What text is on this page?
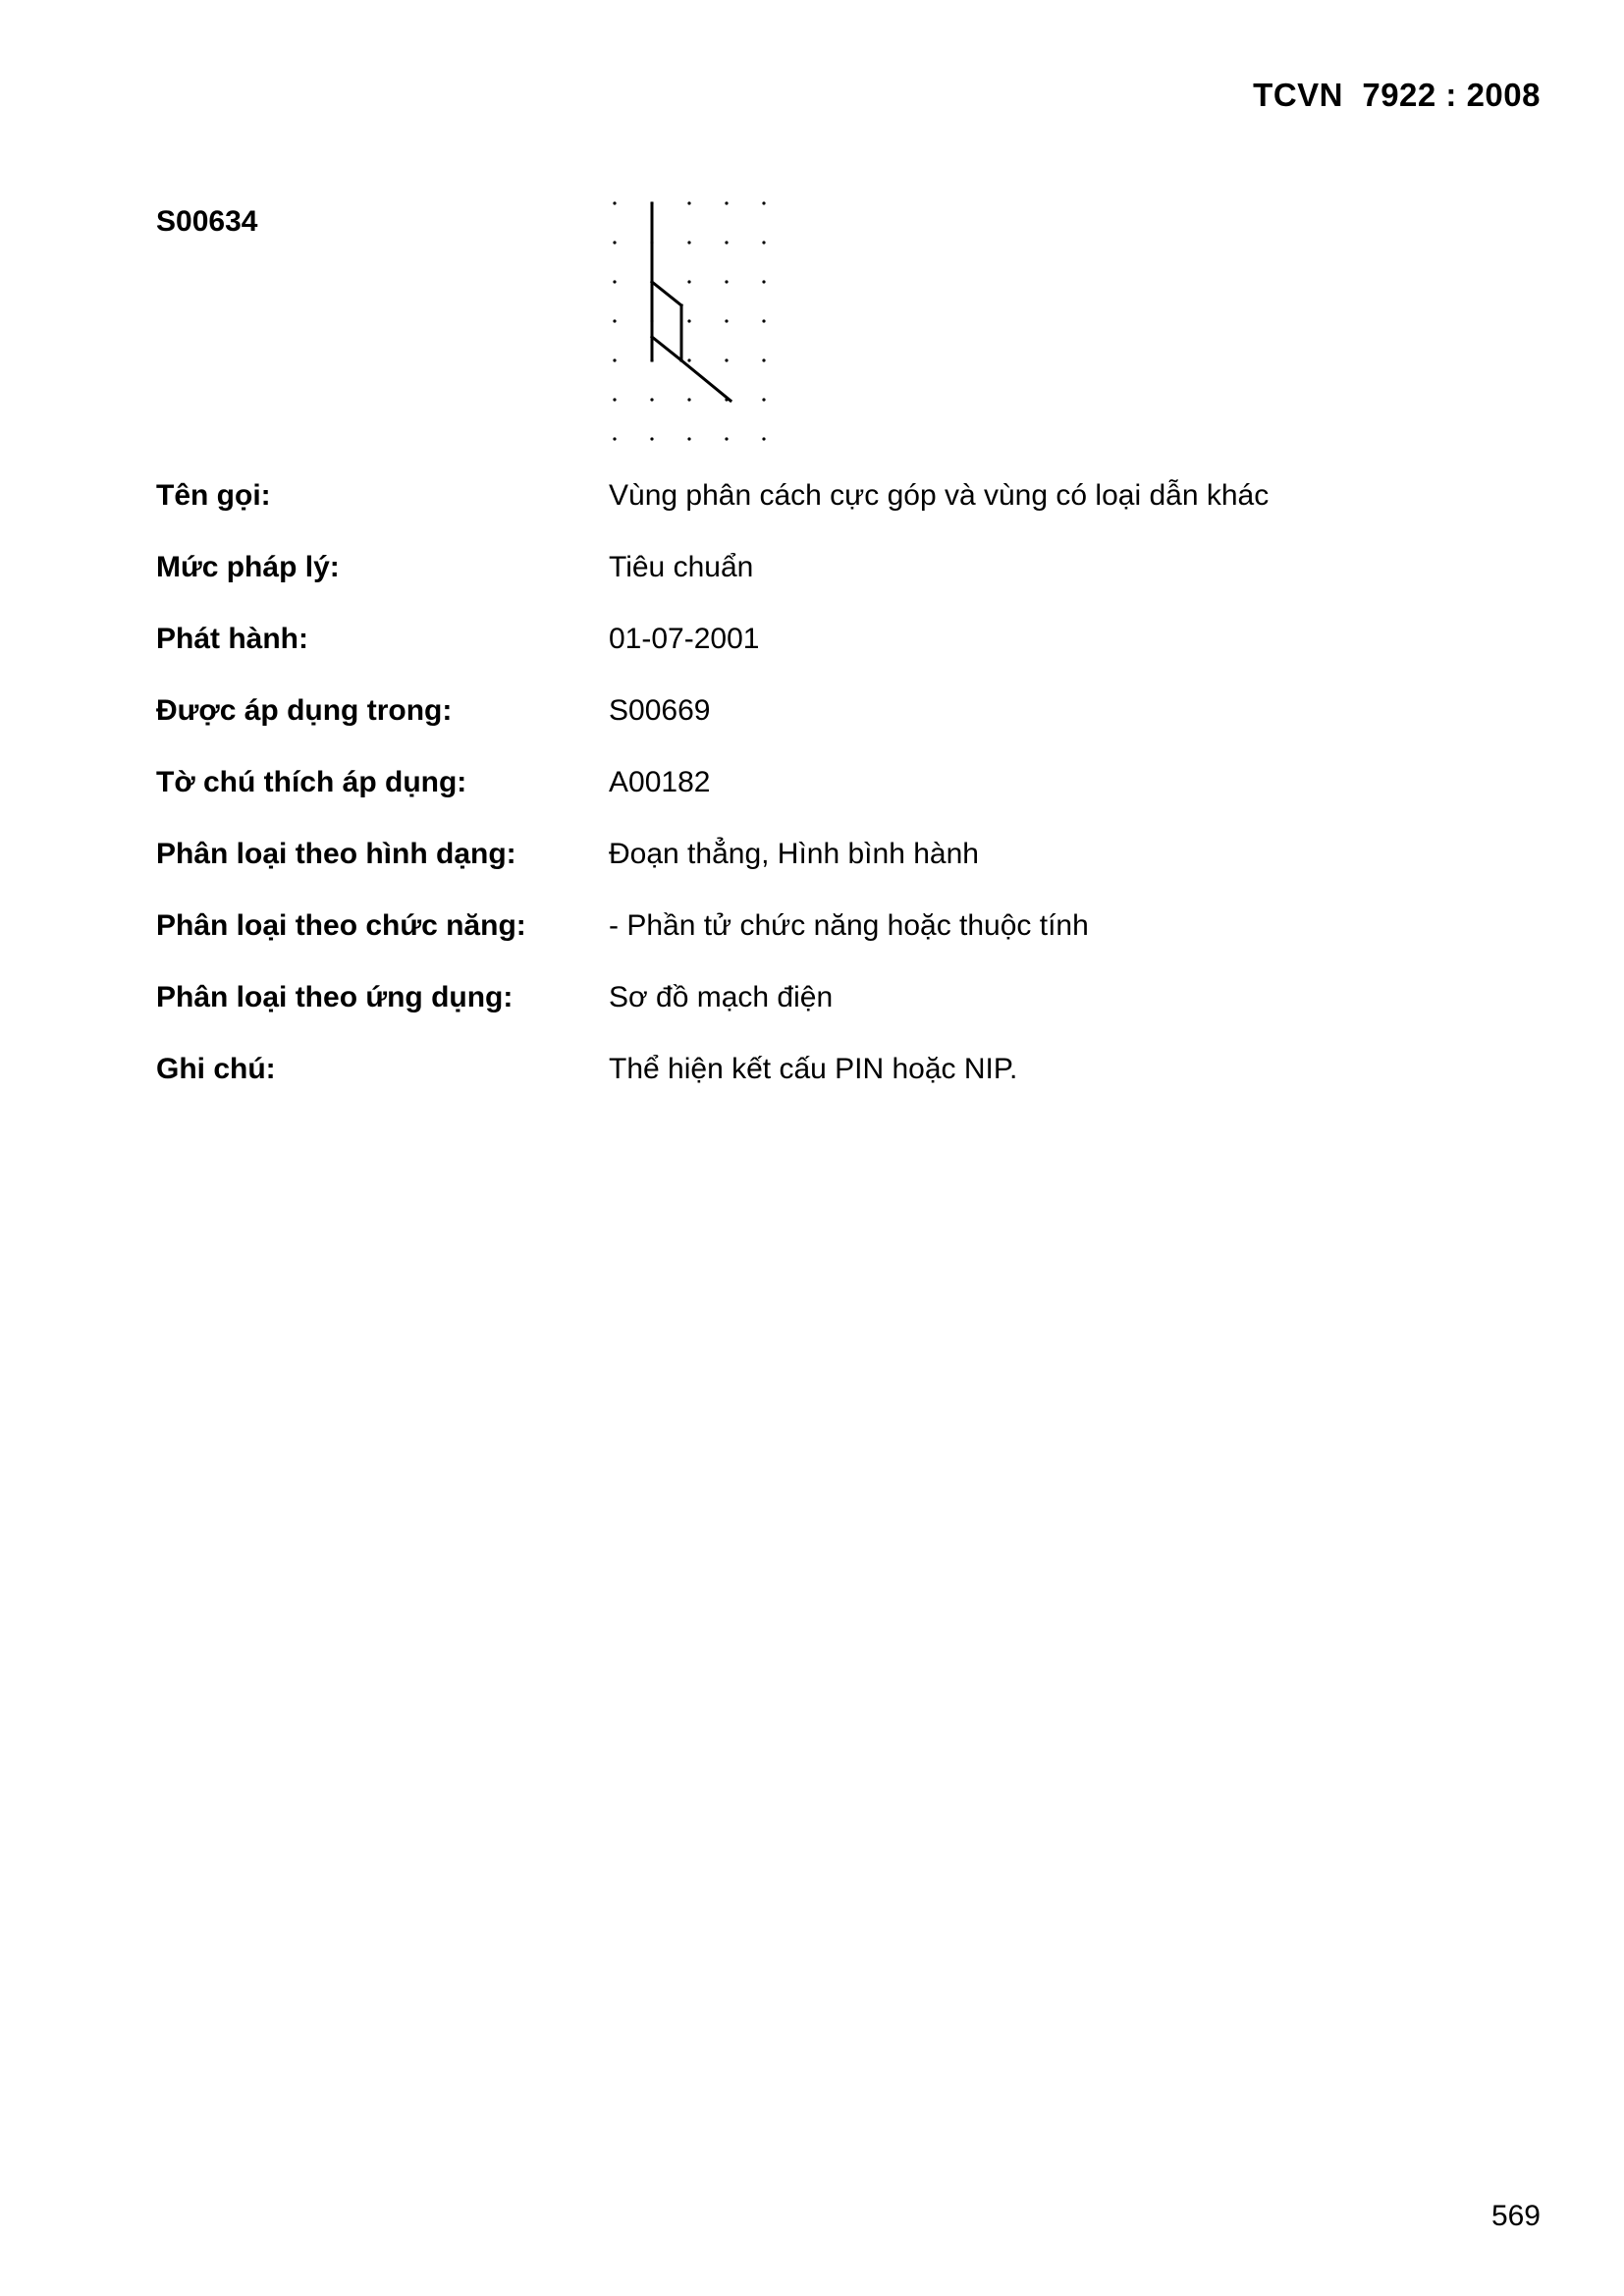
TCVN  7922 : 2008
S00634
Tên gọi:	Vùng phân cách cực góp và vùng có loại dẫn khác
Mức pháp lý:	Tiêu chuẩn
Phát hành:	01-07-2001
Được áp dụng trong:	S00669
Tờ chú thích áp dụng:	A00182
Phân loại theo hình dạng:	Đoạn thẳng, Hình bình hành
Phân loại theo chức năng:	- Phần tử chức năng hoặc thuộc tính
Phân loại theo ứng dụng:	Sơ đồ mạch điện
Ghi chú:	Thể hiện kết cấu PIN hoặc NIP.
569
